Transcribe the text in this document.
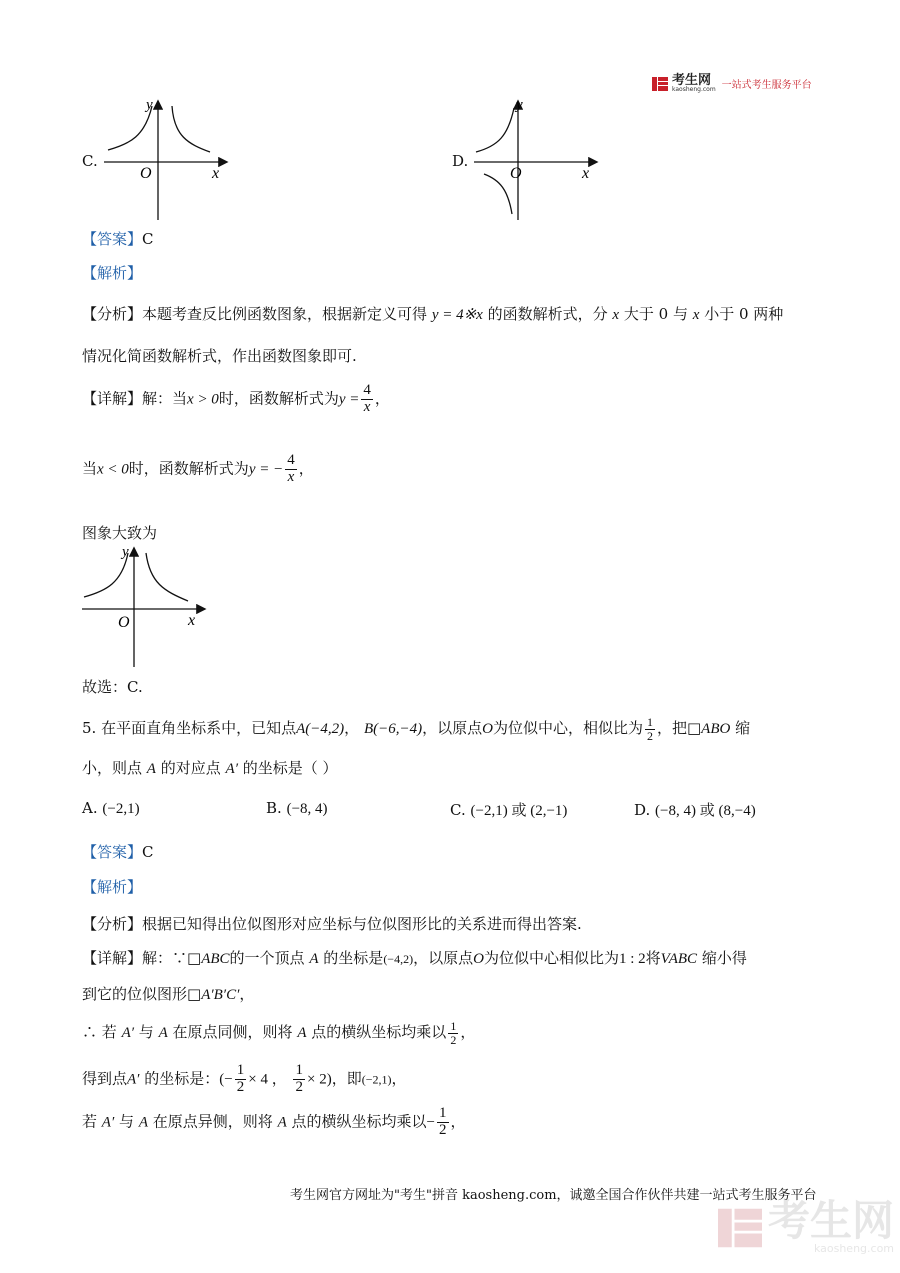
考生网
kaosheng.com 一站式考生服务平台
C.
y
x
O
D.
y
x
O
【答案】C
【解析】
【分析】本题考查反比例函数图象，根据新定义可得 y = 4※x 的函数解析式，分 x 大于 0 与 x 小于 0 两种
情况化简函数解析式，作出函数图象即可.
【详解】解：当x > 0时，函数解析式为$y = \frac{4}{x}$ ，
当x < 0时，函数解析式为y = − $\frac{4}{x}$ ，
图象大致为
y
x
O
故选：C.
5. 在平面直角坐标系中，已知点A(−4,2)， B(−6,−4)，以原点O为位似中心，相似比为 $\frac{1}{2}$ ，把□ABO 缩
小，则点 A 的对应点 A′ 的坐标是（ ）
A. (−2,1)	B. (−8, 4)	C. (−2,1) 或 (2,−1)	D. (−8, 4) 或 (8,−4)
【答案】C
【解析】
【分析】根据已知得出位似图形对应坐标与位似图形比的关系进而得出答案.
【详解】解：∵□ABC的一个顶点 A 的坐标是(−4,2)，以原点O为位似中心相似比为1 : 2将VABC 缩小得
到它的位似图形□A′B′C′，
∴ 若 A′ 与 A 在原点同侧，则将 A 点的横纵坐标均乘以 $\frac{1}{2}$ ，
得到点A′ 的坐标是：(− $\frac{1}{2} \times 4$ ， $\frac{1}{2} \times 2$)，即(−2,1)，
若 A′ 与 A 在原点异侧，则将 A 点的横纵坐标均乘以− $\frac{1}{2}$ ，
考生网官方网址为"考生"拼音 kaosheng.com，诚邀全国合作伙伴共建一站式考生服务平台
考生网
kaosheng.com
